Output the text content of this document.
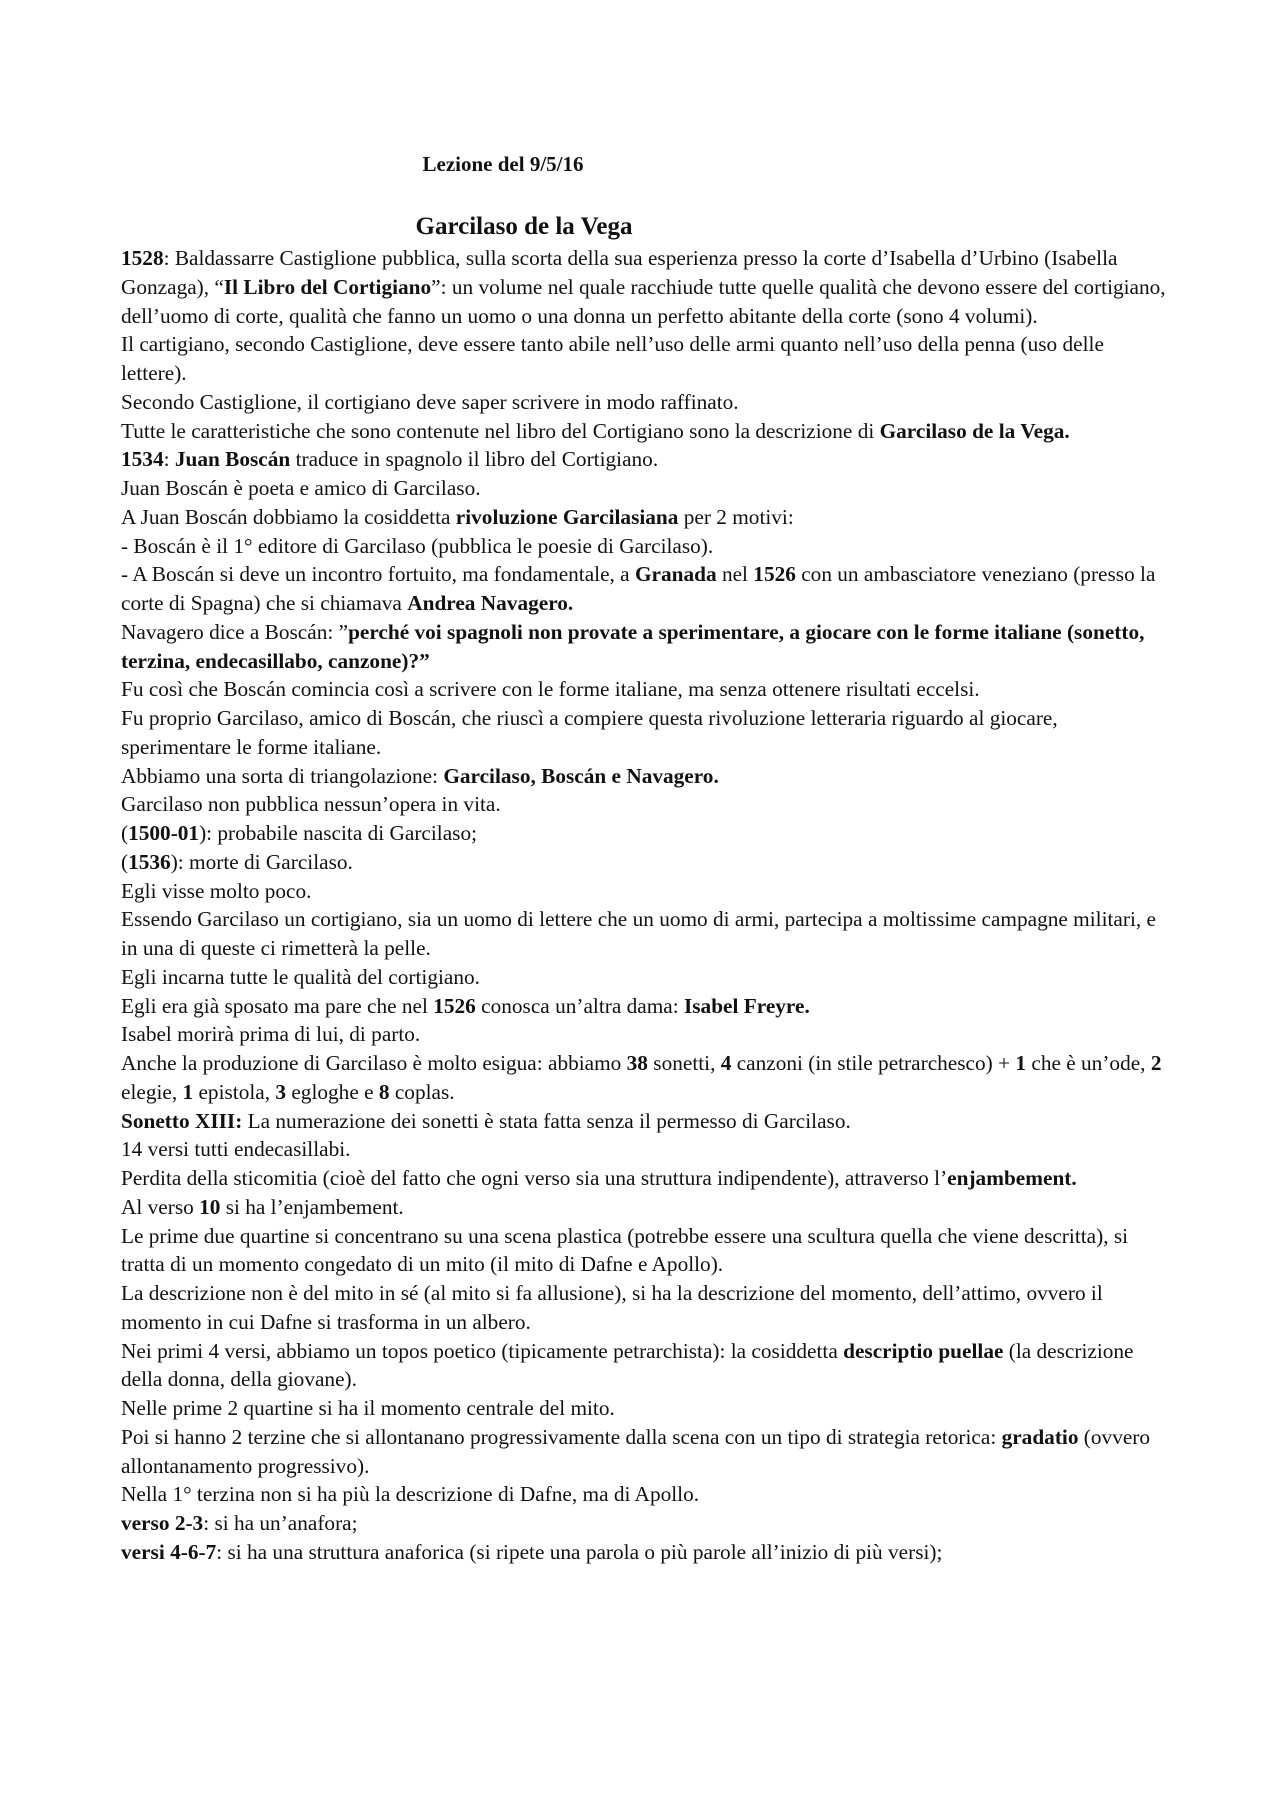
Lezione del 9/5/16
Garcilaso de la Vega

1528: Baldassarre Castiglione pubblica, sulla scorta della sua esperienza presso la corte d’Isabella d’Urbino (Isabella Gonzaga), “Il Libro del Cortigiano”: un volume nel quale racchiude tutte quelle qualità che devono essere del cortigiano, dell’uomo di corte, qualità che fanno un uomo o una donna un perfetto abitante della corte (sono 4 volumi).

Il cartigiano, secondo Castiglione, deve essere tanto abile nell’uso delle armi quanto nell’uso della penna (uso delle lettere).

Secondo Castiglione, il cortigiano deve saper scrivere in modo raffinato.

Tutte le caratteristiche che sono contenute nel libro del Cortigiano sono la descrizione di Garcilaso de la Vega.

1534: Juan Boscán traduce in spagnolo il libro del Cortigiano.

Juan Boscán è poeta e amico di Garcilaso.

A Juan Boscán dobbiamo la cosiddetta rivoluzione Garcilasiana per 2 motivi:

- Boscán è il 1° editore di Garcilaso (pubblica le poesie di Garcilaso).

- A Boscán si deve un incontro fortuito, ma fondamentale, a Granada nel 1526 con un ambasciatore veneziano (presso la corte di Spagna) che si chiamava Andrea Navagero.

Navagero dice a Boscán: ”perché voi spagnoli non provate a sperimentare, a giocare con le forme italiane (sonetto, terzina, endecasillabo, canzone)?”

Fu così che Boscán comincia così a scrivere con le forme italiane, ma senza ottenere risultati eccelsi.

Fu proprio Garcilaso, amico di Boscán, che riuscì a compiere questa rivoluzione letteraria riguardo al giocare, sperimentare le forme italiane.

Abbiamo una sorta di triangolazione: Garcilaso, Boscán e Navagero.

Garcilaso non pubblica nessun’opera in vita.

(1500-01): probabile nascita di Garcilaso;

(1536): morte di Garcilaso.

Egli visse molto poco.

Essendo Garcilaso un cortigiano, sia un uomo di lettere che un uomo di armi, partecipa a moltissime campagne militari, e in una di queste ci rimetterà la pelle.

Egli incarna tutte le qualità del cortigiano.

Egli era già sposato ma pare che nel 1526 conosca un’altra dama: Isabel Freyre.

Isabel morirà prima di lui, di parto.

Anche la produzione di Garcilaso è molto esigua: abbiamo 38 sonetti, 4 canzoni (in stile petrarchesco) + 1 che è un’ode, 2 elegie, 1 epistola, 3 egloghe e 8 coplas.

Sonetto XIII: La numerazione dei sonetti è stata fatta senza il permesso di Garcilaso.

14 versi tutti endecasillabi.

Perdita della sticomitia (cioè del fatto che ogni verso sia una struttura indipendente), attraverso l’enjambement.

Al verso 10 si ha l’enjambement.

Le prime due quartine si concentrano su una scena plastica (potrebbe essere una scultura quella che viene descritta), si tratta di un momento congedato di un mito (il mito di Dafne e Apollo).

La descrizione non è del mito in sé (al mito si fa allusione), si ha la descrizione del momento, dell’attimo, ovvero il momento in cui Dafne si trasforma in un albero.

Nei primi 4 versi, abbiamo un topos poetico (tipicamente petrarchista): la cosiddetta descriptio puellae (la descrizione della donna, della giovane).

Nelle prime 2 quartine si ha il momento centrale del mito.

Poi si hanno 2 terzine che si allontanano progressivamente dalla scena con un tipo di strategia retorica: gradatio (ovvero allontanamento progressivo).

Nella 1° terzina non si ha più la descrizione di Dafne, ma di Apollo.

verso 2-3: si ha un’anafora;

versi 4-6-7: si ha una struttura anaforica (si ripete una parola o più parole all’inizio di più versi);
